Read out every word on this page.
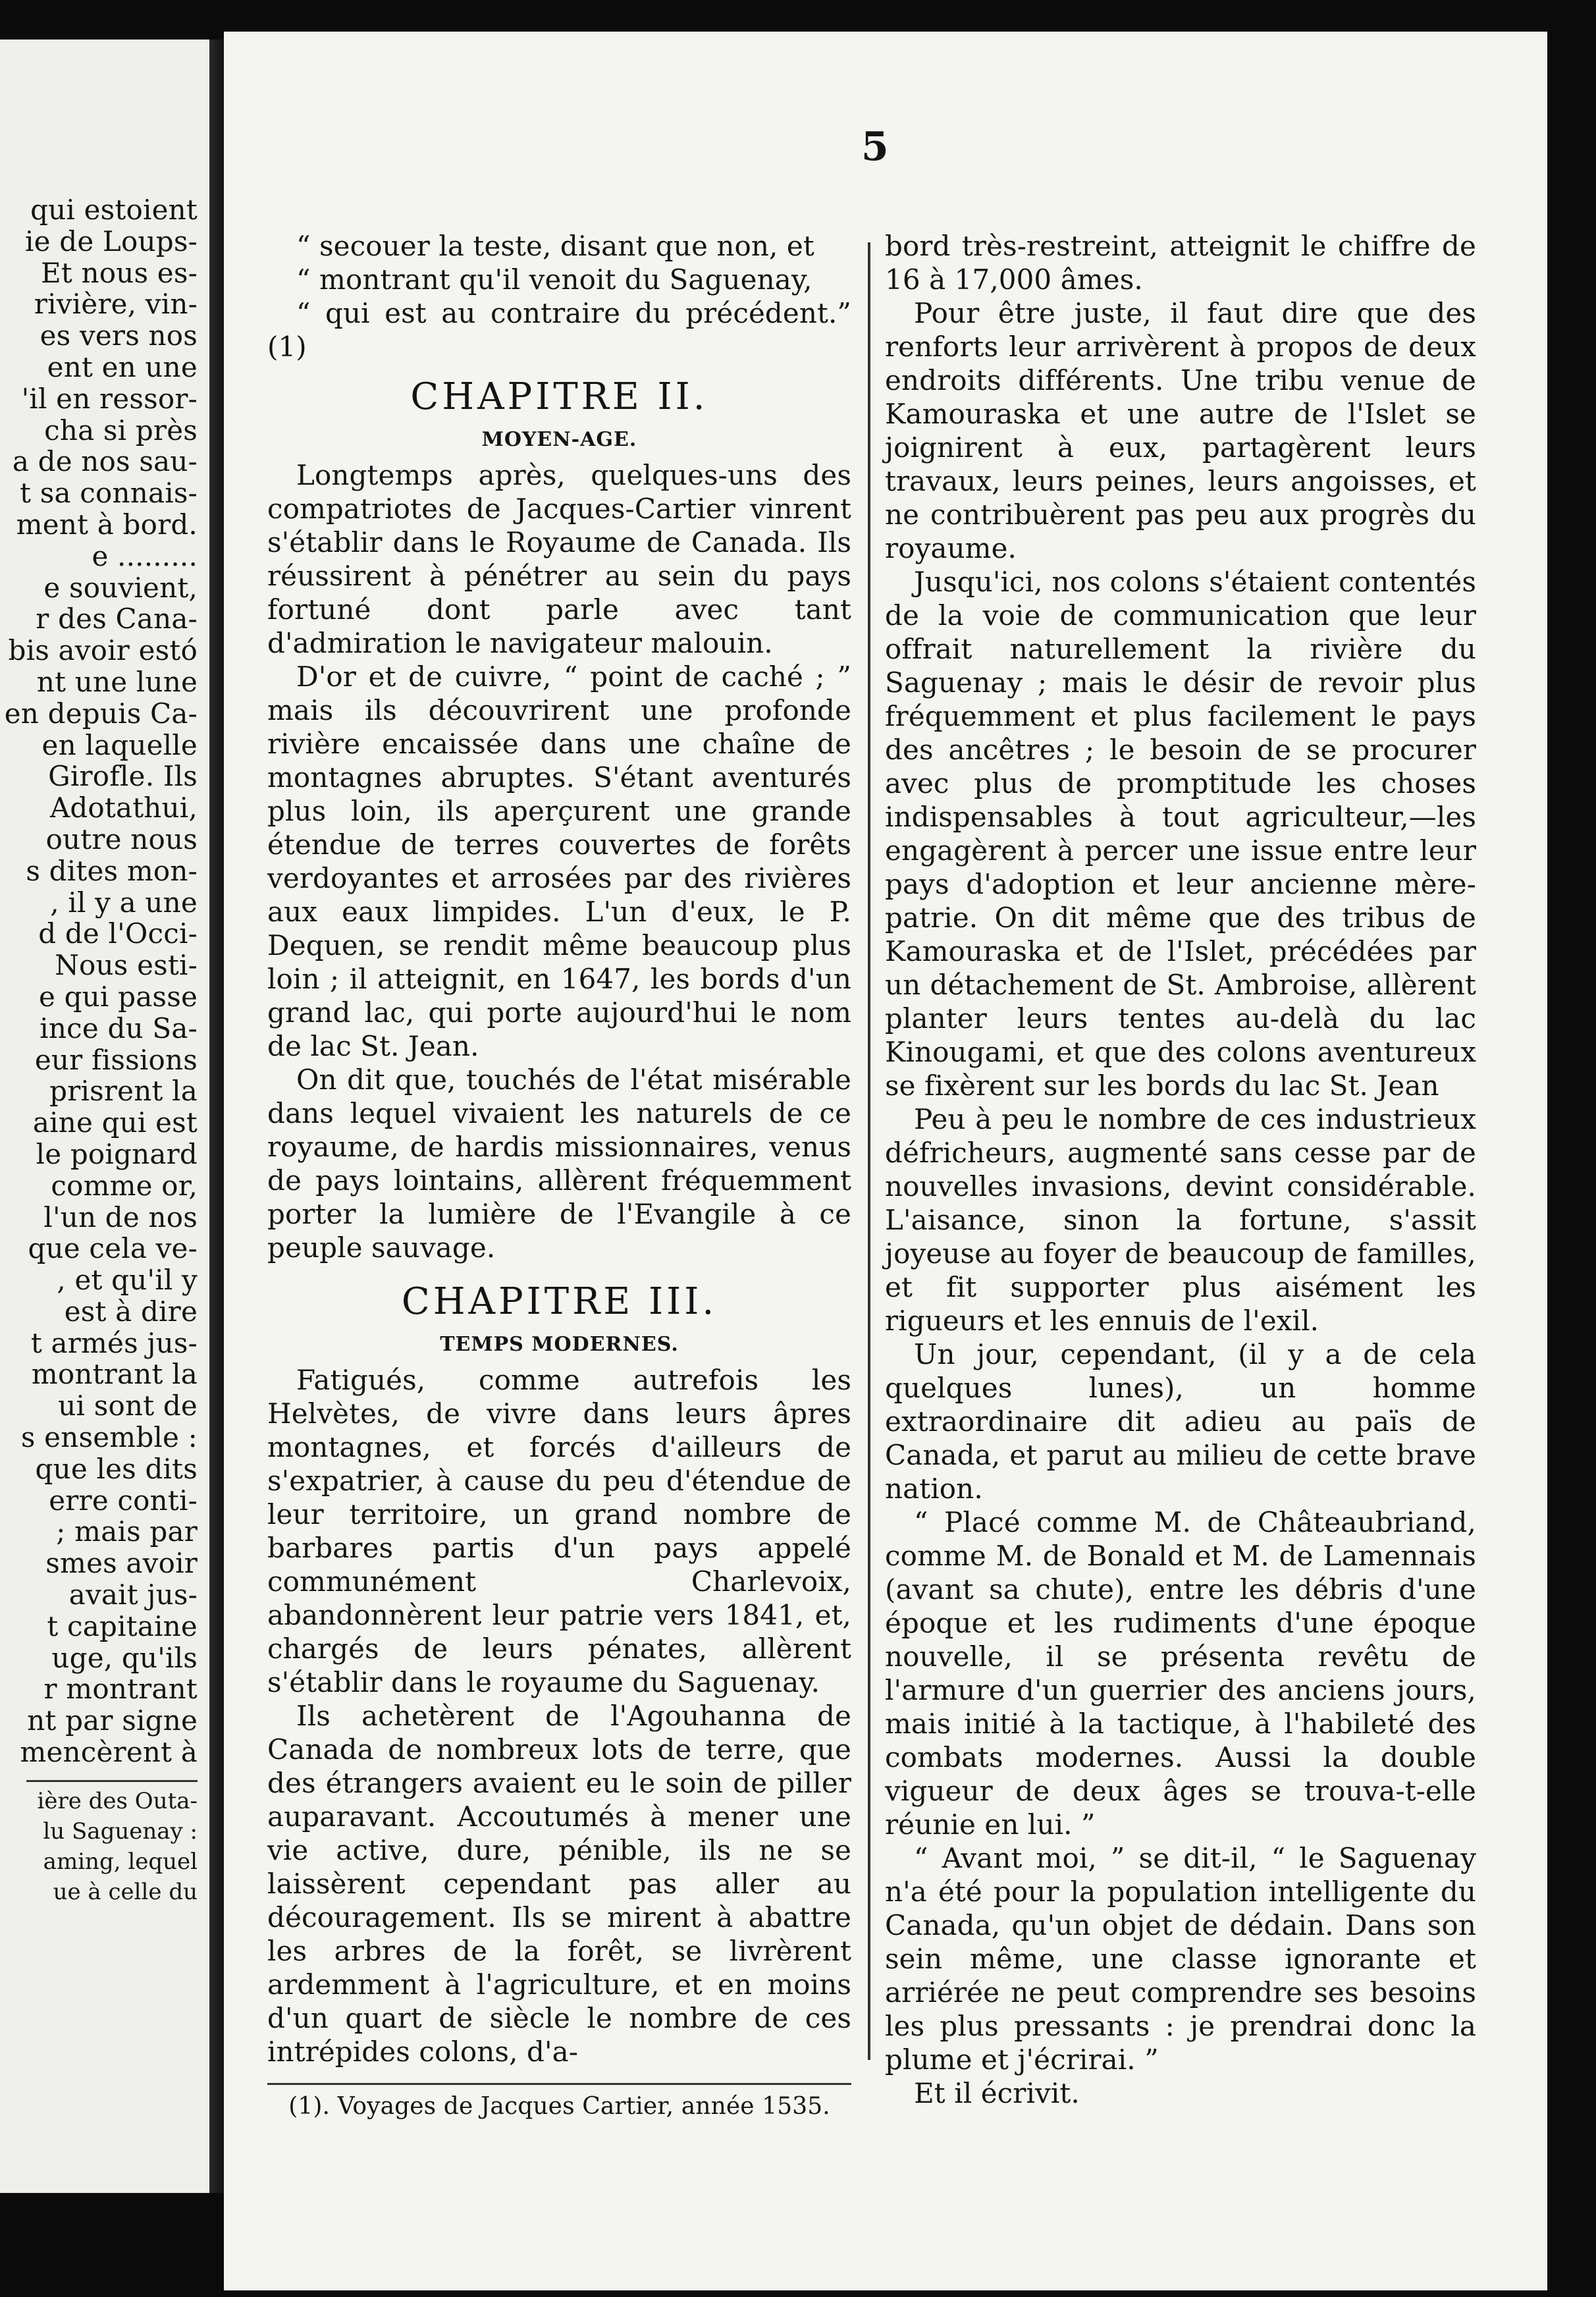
qui estoient
ie de Loups-
Et nous es-
rivière, vin-
es vers nos
ent en une
'il en ressor-
cha si près
a de nos sau-
t sa connais-
ment à bord.
e .........
e souvient,
r des Cana-
bis avoir estó
nt une lune
en depuis Ca-
en laquelle
Girofle. Ils
Adotathui,
outre nous
s dites mon-
, il y a une
d de l'Occi-
Nous esti-
e qui passe
ince du Sa-
eur fissions
prisrent la
aine qui est
le poignard
comme or,
l'un de nos
que cela ve-
, et qu'il y
est à dire
t armés jus-
montrant la
ui sont de
s ensemble :
que les dits
erre conti-
; mais par
smes avoir
avait jus-
t capitaine
uge, qu'ils
r montrant
nt par signe
mencèrent à
ière des Outa-
lu Saguenay :
aming, lequel
ue à celle du
5

“ secouer la teste, disant que non, et

“ montrant qu'il venoit du Saguenay,

“ qui est au contraire du précédent.” (1)

CHAPITRE II.
MOYEN-AGE.

Longtemps après, quelques-uns des compatriotes de Jacques-Cartier vinrent s'établir dans le Royaume de Canada. Ils réussirent à pénétrer au sein du pays fortuné dont parle avec tant d'admiration le navigateur malouin.

D'or et de cuivre, “ point de caché ; ” mais ils découvrirent une profonde rivière encaissée dans une chaîne de montagnes abruptes. S'étant aventurés plus loin, ils aperçurent une grande étendue de terres couvertes de forêts verdoyantes et arrosées par des rivières aux eaux limpides. L'un d'eux, le P. Dequen, se rendit même beaucoup plus loin ; il atteignit, en 1647, les bords d'un grand lac, qui porte aujourd'hui le nom de lac St. Jean.

On dit que, touchés de l'état misérable dans lequel vivaient les naturels de ce royaume, de hardis missionnaires, venus de pays lointains, allèrent fréquemment porter la lumière de l'Evangile à ce peuple sauvage.

CHAPITRE III.
TEMPS MODERNES.

Fatigués, comme autrefois les Helvètes, de vivre dans leurs âpres montagnes, et forcés d'ailleurs de s'expatrier, à cause du peu d'étendue de leur territoire, un grand nombre de barbares partis d'un pays appelé communément Charlevoix, abandonnèrent leur patrie vers 1841, et, chargés de leurs pénates, allèrent s'établir dans le royaume du Saguenay.

Ils achetèrent de l'Agouhanna de Canada de nombreux lots de terre, que des étrangers avaient eu le soin de piller auparavant. Accoutumés à mener une vie active, dure, pénible, ils ne se laissèrent cependant pas aller au découragement. Ils se mirent à abattre les arbres de la forêt, se livrèrent ardemment à l'agriculture, et en moins d'un quart de siècle le nombre de ces intrépides colons, d'a-

(1). Voyages de Jacques Cartier, année 1535.

bord très-restreint, atteignit le chiffre de 16 à 17,000 âmes.

Pour être juste, il faut dire que des renforts leur arrivèrent à propos de deux endroits différents. Une tribu venue de Kamouraska et une autre de l'Islet se joignirent à eux, partagèrent leurs travaux, leurs peines, leurs angoisses, et ne contribuèrent pas peu aux progrès du royaume.

Jusqu'ici, nos colons s'étaient contentés de la voie de communication que leur offrait naturellement la rivière du Saguenay ; mais le désir de revoir plus fréquemment et plus facilement le pays des ancêtres ; le besoin de se procurer avec plus de promptitude les choses indispensables à tout agriculteur,—les engagèrent à percer une issue entre leur pays d'adoption et leur ancienne mère-patrie. On dit même que des tribus de Kamouraska et de l'Islet, précédées par un détachement de St. Ambroise, allèrent planter leurs tentes au-delà du lac Kinougami, et que des colons aventureux se fixèrent sur les bords du lac St. Jean

Peu à peu le nombre de ces industrieux défricheurs, augmenté sans cesse par de nouvelles invasions, devint considérable. L'aisance, sinon la fortune, s'assit joyeuse au foyer de beaucoup de familles, et fit supporter plus aisément les rigueurs et les ennuis de l'exil.

Un jour, cependant, (il y a de cela quelques lunes), un homme extraordinaire dit adieu au païs de Canada, et parut au milieu de cette brave nation.

“ Placé comme M. de Châteaubriand, comme M. de Bonald et M. de Lamennais (avant sa chute), entre les débris d'une époque et les rudiments d'une époque nouvelle, il se présenta revêtu de l'armure d'un guerrier des anciens jours, mais initié à la tactique, à l'habileté des combats modernes. Aussi la double vigueur de deux âges se trouva-t-elle réunie en lui. ”

“ Avant moi, ” se dit-il, “ le Saguenay n'a été pour la population intelligente du Canada, qu'un objet de dédain. Dans son sein même, une classe ignorante et arriérée ne peut comprendre ses besoins les plus pressants : je prendrai donc la plume et j'écrirai. ”

Et il écrivit.
